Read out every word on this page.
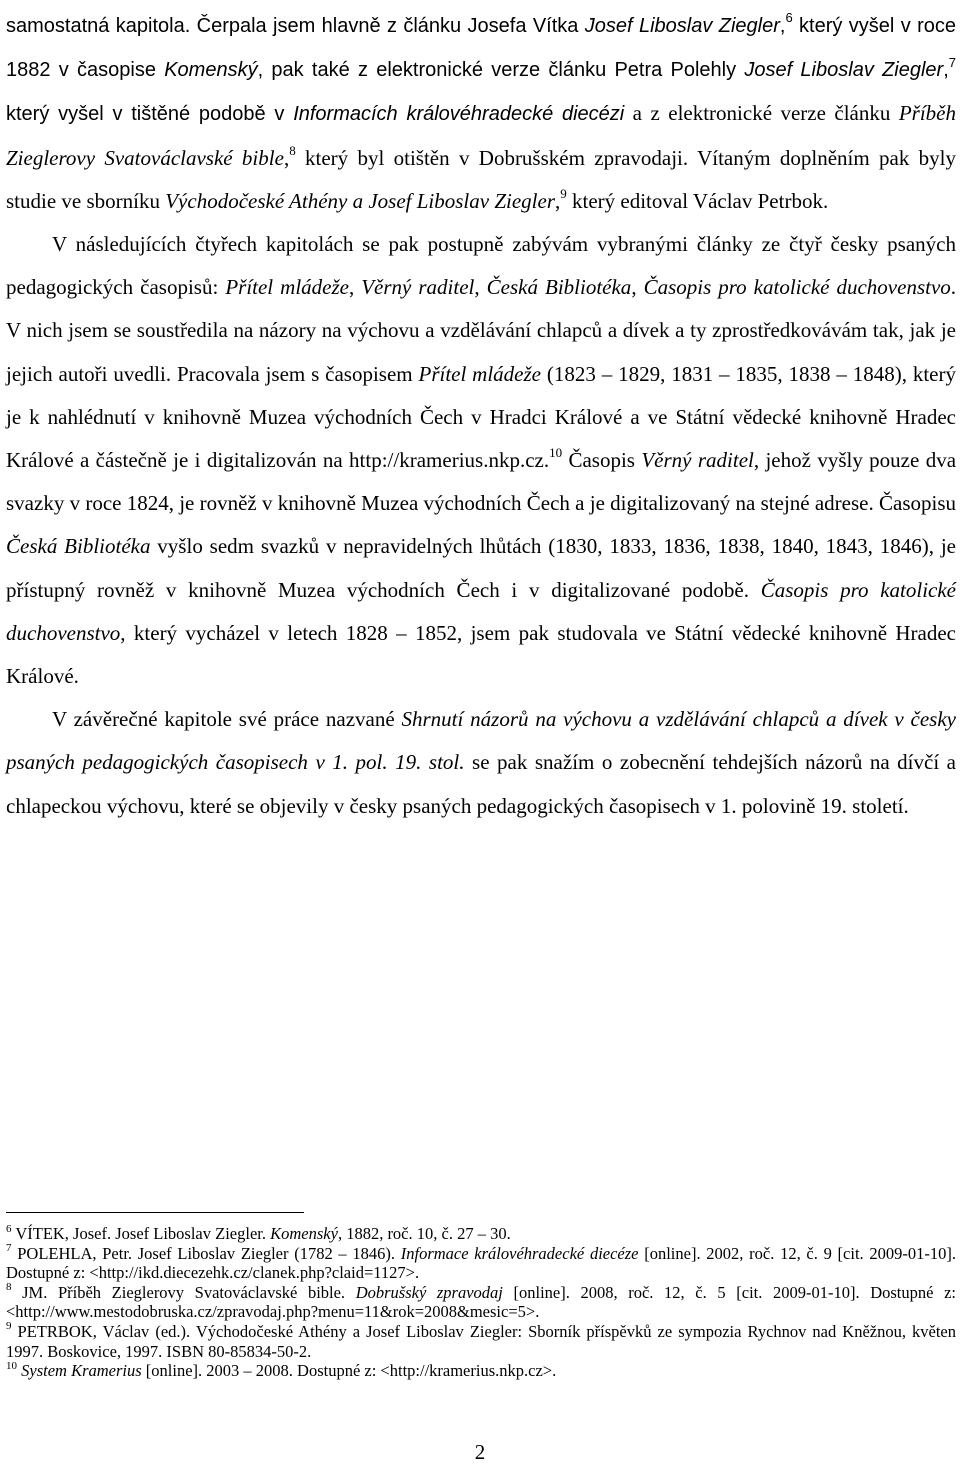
samostatná kapitola. Čerpala jsem hlavně z článku Josefa Vítka Josef Liboslav Ziegler,$^6$ který vyšel v roce 1882 v časopise Komenský, pak také z elektronické verze článku Petra Polehly Josef Liboslav Ziegler,$^7$ který vyšel v tištěné podobě v Informacích královéhradecké diecézi a z elektronické verze článku Příběh Zieglerovy Svatováclavské bible,$^8$ který byl otištěn v Dobrušském zpravodaji. Vítaným doplněním pak byly studie ve sborníku Východočeské Athény a Josef Liboslav Ziegler,$^9$ který editoval Václav Petrbok.

V následujících čtyřech kapitolách se pak postupně zabývám vybranými články ze čtyř česky psaných pedagogických časopisů: Přítel mládeže, Věrný raditel, Česká Bibliotéka, Časopis pro katolické duchovenstvo. V nich jsem se soustředila na názory na výchovu a vzdělávání chlapců a dívek a ty zprostředkovávám tak, jak je jejich autoři uvedli. Pracovala jsem s časopisem Přítel mládeže (1823 – 1829, 1831 – 1835, 1838 – 1848), který je k nahlédnutí v knihovně Muzea východních Čech v Hradci Králové a ve Státní vědecké knihovně Hradec Králové a částečně je i digitalizován na http://kramerius.nkp.cz.$^{10}$ Časopis Věrný raditel, jehož vyšly pouze dva svazky v roce 1824, je rovněž v knihovně Muzea východních Čech a je digitalizovaný na stejné adrese. Časopisu Česká Bibliotéka vyšlo sedm svazků v nepravidelných lhůtách (1830, 1833, 1836, 1838, 1840, 1843, 1846), je přístupný rovněž v knihovně Muzea východních Čech i v digitalizované podobě. Časopis pro katolické duchovenstvo, který vycházel v letech 1828 – 1852, jsem pak studovala ve Státní vědecké knihovně Hradec Králové.

V závěrečné kapitole své práce nazvané Shrnutí názorů na výchovu a vzdělávání chlapců a dívek v česky psaných pedagogických časopisech v 1. pol. 19. stol. se pak snažím o zobecnění tehdejších názorů na dívčí a chlapeckou výchovu, které se objevily v česky psaných pedagogických časopisech v 1. polovině 19. století.

$^6$ VÍTEK, Josef. Josef Liboslav Ziegler. Komenský, 1882, roč. 10, č. 27 – 30.

$^7$ POLEHLA, Petr. Josef Liboslav Ziegler (1782 – 1846). Informace královéhradecké diecéze [online]. 2002, roč. 12, č. 9 [cit. 2009-01-10]. Dostupné z: <http://ikd.diecezehk.cz/clanek.php?claid=1127>.

$^8$ JM. Příběh Zieglerovy Svatováclavské bible. Dobrušský zpravodaj [online]. 2008, roč. 12, č. 5 [cit. 2009-01-10]. Dostupné z: <http://www.mestodobruska.cz/zpravodaj.php?menu=11&rok=2008&mesic=5>.

$^9$ PETRBOK, Václav (ed.). Východočeské Athény a Josef Liboslav Ziegler: Sborník příspěvků ze sympozia Rychnov nad Kněžnou, květen 1997. Boskovice, 1997. ISBN 80-85834-50-2.

$^{10}$ System Kramerius [online]. 2003 – 2008. Dostupné z: <http://kramerius.nkp.cz>.

2
